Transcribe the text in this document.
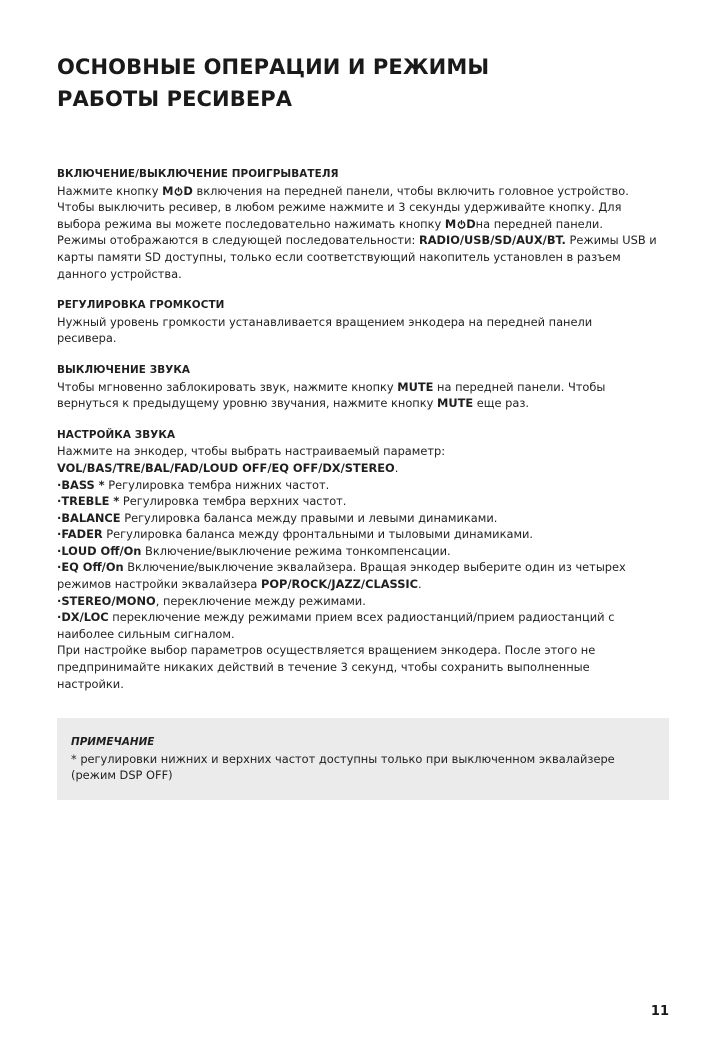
ОСНОВНЫЕ ОПЕРАЦИИ И РЕЖИМЫ
РАБОТЫ РЕСИВЕРА

ВКЛЮЧЕНИЕ/ВЫКЛЮЧЕНИЕ ПРОИГРЫВАТЕЛЯ

Нажмите кнопку M D включения на передней панели, чтобы включить головное устройство.
Чтобы выключить ресивер, в любом режиме нажмите и 3 секунды удерживайте кнопку. Для
выбора режима вы можете последовательно нажимать кнопку M Dна передней панели.
Режимы отображаются в следующей последовательности: RADIO/USB/SD/AUX/BT. Режимы USB и
карты памяти SD доступны, только если соответствующий накопитель установлен в разъем
данного устройства.

РЕГУЛИРОВКА ГРОМКОСТИ

Нужный уровень громкости устанавливается вращением энкодера на передней панели
ресивера.

ВЫКЛЮЧЕНИЕ ЗВУКА

Чтобы мгновенно заблокировать звук, нажмите кнопку MUTE на передней панели. Чтобы
вернуться к предыдущему уровню звучания, нажмите кнопку MUTE еще раз.

НАСТРОЙКА ЗВУКА

Нажмите на энкодер, чтобы выбрать настраиваемый параметр:
VOL/BAS/TRE/BAL/FAD/LOUD OFF/EQ OFF/DX/STEREO.
·BASS * Регулировка тембра нижних частот.
·TREBLE * Регулировка тембра верхних частот.
·BALANCE Регулировка баланса между правыми и левыми динамиками.
·FADER Регулировка баланса между фронтальными и тыловыми динамиками.
·LOUD Off/On Включение/выключение режима тонкомпенсации.
·EQ Off/On Включение/выключение эквалайзера. Вращая энкодер выберите один из четырех
режимов настройки эквалайзера POP/ROCK/JAZZ/CLASSIC.
·STEREO/MONO, переключение между режимами.
·DX/LOC переключение между режимами прием всех радиостанций/прием радиостанций с
наиболее сильным сигналом.
При настройке выбор параметров осуществляется вращением энкодера. После этого не
предпринимайте никаких действий в течение 3 секунд, чтобы сохранить выполненные
настройки.

ПРИМЕЧАНИЕ

* регулировки нижних и верхних частот доступны только при выключенном эквалайзере
(режим DSP OFF)
11
